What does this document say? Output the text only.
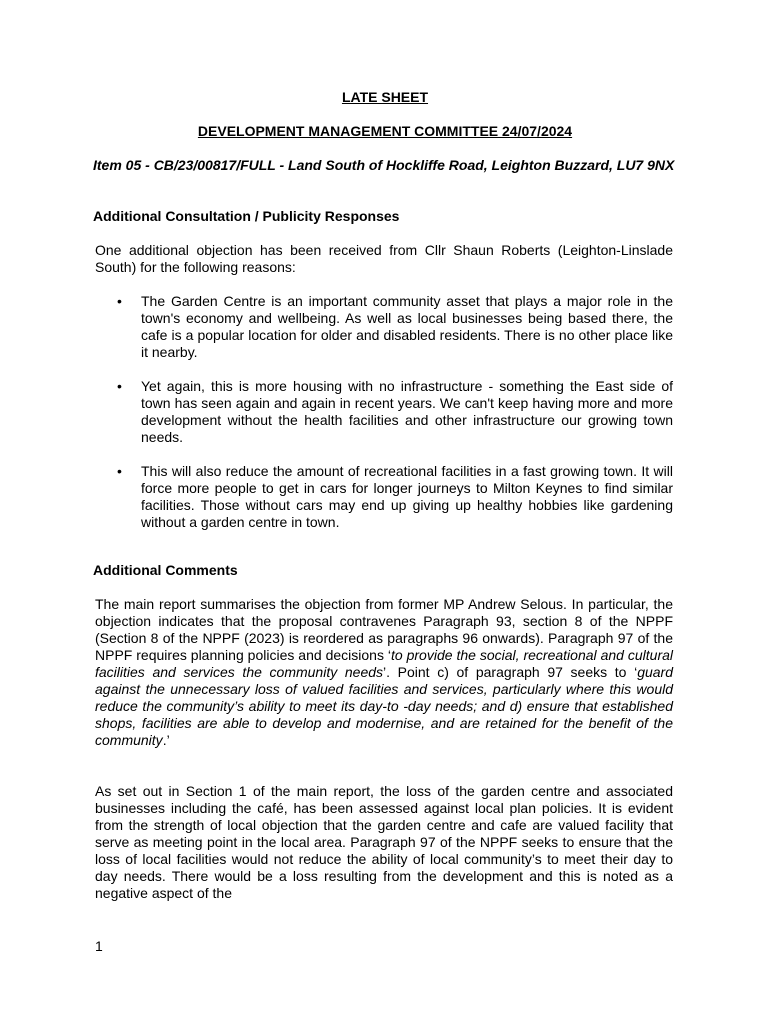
LATE SHEET
DEVELOPMENT MANAGEMENT COMMITTEE 24/07/2024
Item 05 - CB/23/00817/FULL - Land South of Hockliffe Road, Leighton Buzzard, LU7 9NX
Additional Consultation / Publicity Responses
One additional objection has been received from Cllr Shaun Roberts (Leighton-Linslade South) for the following reasons:
• The Garden Centre is an important community asset that plays a major role in the town's economy and wellbeing. As well as local businesses being based there, the cafe is a popular location for older and disabled residents. There is no other place like it nearby.
• Yet again, this is more housing with no infrastructure - something the East side of town has seen again and again in recent years. We can't keep having more and more development without the health facilities and other infrastructure our growing town needs.
• This will also reduce the amount of recreational facilities in a fast growing town. It will force more people to get in cars for longer journeys to Milton Keynes to find similar facilities. Those without cars may end up giving up healthy hobbies like gardening without a garden centre in town.
Additional Comments
The main report summarises the objection from former MP Andrew Selous. In particular, the objection indicates that the proposal contravenes Paragraph 93, section 8 of the NPPF (Section 8 of the NPPF (2023) is reordered as paragraphs 96 onwards). Paragraph 97 of the NPPF requires planning policies and decisions ‘to provide the social, recreational and cultural facilities and services the community needs’. Point c) of paragraph 97 seeks to ‘guard against the unnecessary loss of valued facilities and services, particularly where this would reduce the community’s ability to meet its day-to -day needs; and d) ensure that established shops, facilities are able to develop and modernise, and are retained for the benefit of the community.’
As set out in Section 1 of the main report, the loss of the garden centre and associated businesses including the café, has been assessed against local plan policies. It is evident from the strength of local objection that the garden centre and cafe are valued facility that serve as meeting point in the local area. Paragraph 97 of the NPPF seeks to ensure that the loss of local facilities would not reduce the ability of local community’s to meet their day to day needs. There would be a loss resulting from the development and this is noted as a negative aspect of the
1
